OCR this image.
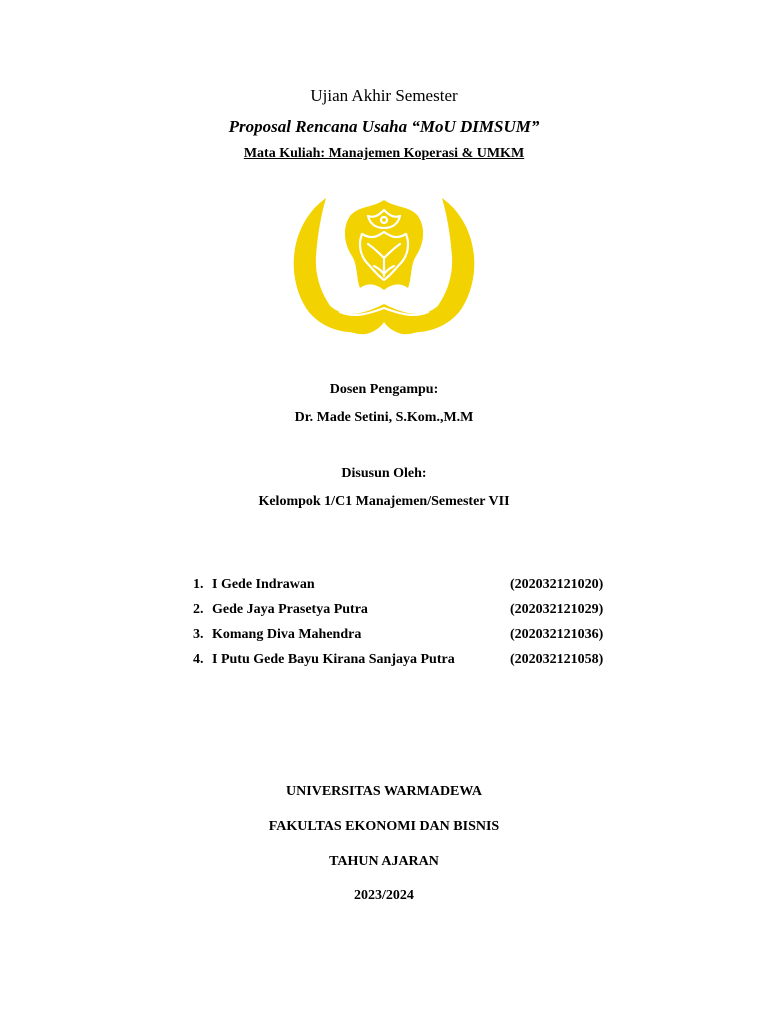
Ujian Akhir Semester
Proposal Rencana Usaha “MoU DIMSUM”
Mata Kuliah: Manajemen Koperasi & UMKM
Dosen Pengampu:
Dr. Made Setini, S.Kom.,M.M
Disusun Oleh:
Kelompok 1/C1 Manajemen/Semester VII
1. I Gede Indrawan	(202032121020)
2. Gede Jaya Prasetya Putra	(202032121029)
3. Komang Diva Mahendra	(202032121036)
4. I Putu Gede Bayu Kirana Sanjaya Putra	(202032121058)
UNIVERSITAS WARMADEWA
FAKULTAS EKONOMI DAN BISNIS
TAHUN AJARAN
2023/2024
